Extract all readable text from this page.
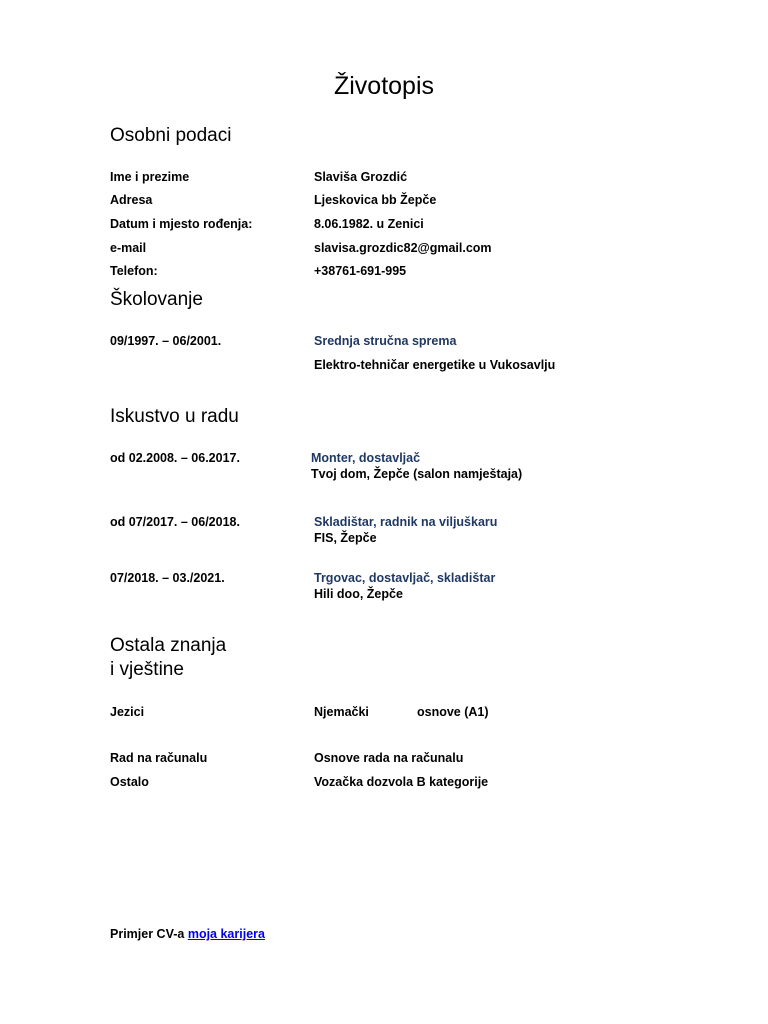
Životopis
Osobni podaci
Ime i prezime	Slaviša Grozdić
Adresa	Ljeskovica bb Žepče
Datum i mjesto rođenja:	8.06.1982. u Zenici
e-mail	slavisa.grozdic82@gmail.com
Telefon:	+38761-691-995
Školovanje
09/1997. – 06/2001.	Srednja stručna sprema
Elektro-tehničar energetike u Vukosavlju
Iskustvo u radu
od 02.2008. – 06.2017.	Monter, dostavljač
Tvoj dom, Žepče (salon namještaja)
od 07/2017. – 06/2018.	Skladištar, radnik na viljuškaru
FIS, Žepče
07/2018. – 03./2021.	Trgovac, dostavljač, skladištar
Hili doo, Žepče
Ostala znanja
i vještine
Jezici	Njemački	osnove (A1)
Rad na računalu	Osnove rada na računalu
Ostalo	Vozačka dozvola B kategorije
Primjer CV-a moja karijera
